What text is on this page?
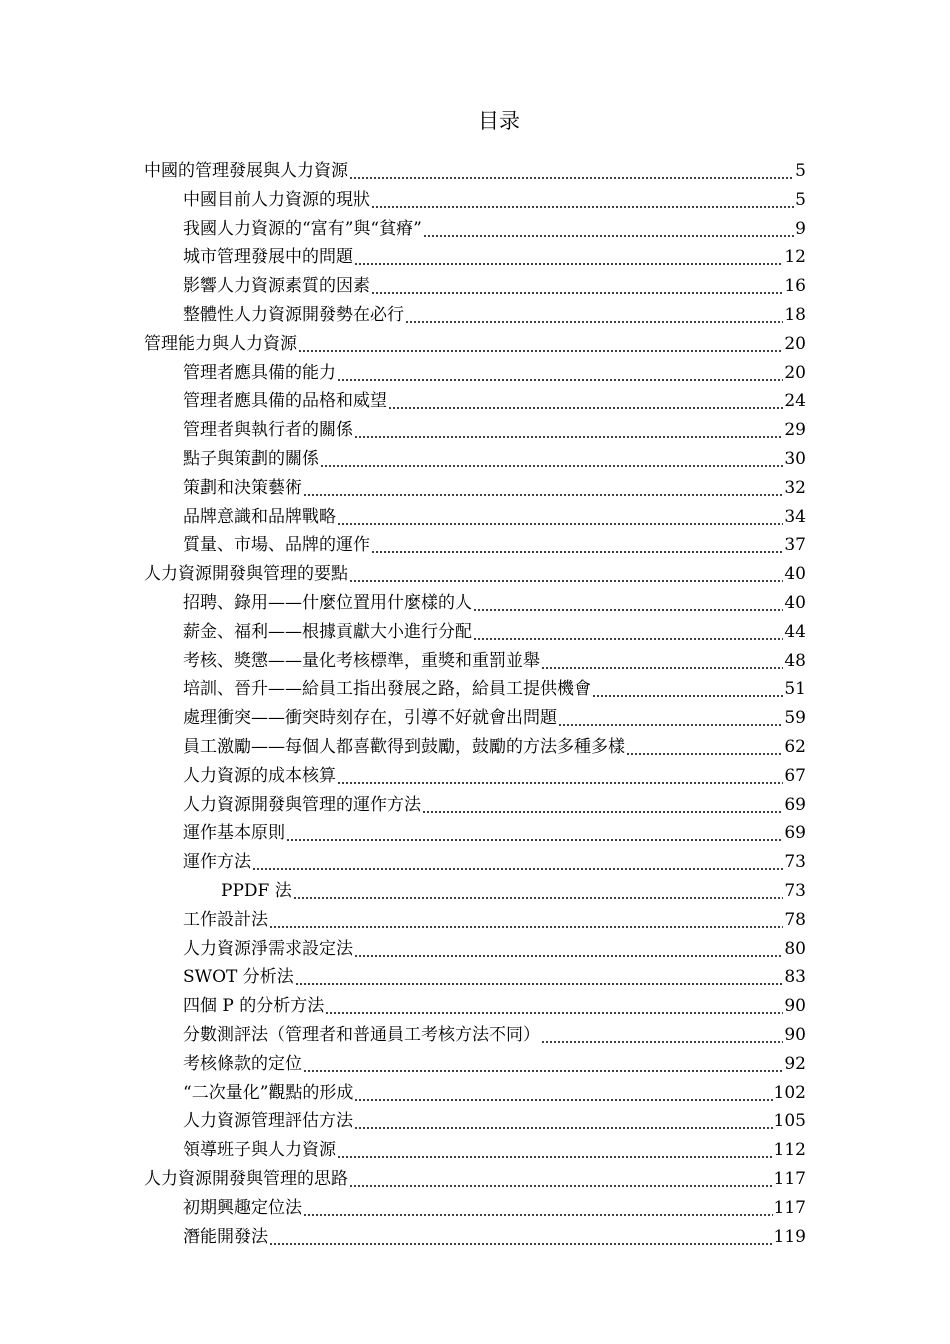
目录
中國的管理發展與人力資源	5
中國目前人力資源的現狀	5
我國人力資源的“富有”與“貧瘠”	9
城市管理發展中的問題	12
影響人力資源素質的因素	16
整體性人力資源開發勢在必行	18
管理能力與人力資源	20
管理者應具備的能力	20
管理者應具備的品格和威望	24
管理者與執行者的關係	29
點子與策劃的關係	30
策劃和決策藝術	32
品牌意識和品牌戰略	34
質量、市場、品牌的運作	37
人力資源開發與管理的要點	40
招聘、錄用——什麼位置用什麼樣的人	40
薪金、福利——根據貢獻大小進行分配	44
考核、獎懲——量化考核標準，重獎和重罰並舉	48
培訓、晉升——給員工指出發展之路，給員工提供機會	51
處理衝突——衝突時刻存在，引導不好就會出問題	59
員工激勵——每個人都喜歡得到鼓勵，鼓勵的方法多種多樣	62
人力資源的成本核算	67
人力資源開發與管理的運作方法	69
運作基本原則	69
運作方法	73
PPDF 法	73
工作設計法	78
人力資源淨需求設定法	80
SWOT 分析法	83
四個 P 的分析方法	90
分數測評法（管理者和普通員工考核方法不同）	90
考核條款的定位	92
“二次量化”觀點的形成	102
人力資源管理評估方法	105
領導班子與人力資源	112
人力資源開發與管理的思路	117
初期興趣定位法	117
潛能開發法	119
